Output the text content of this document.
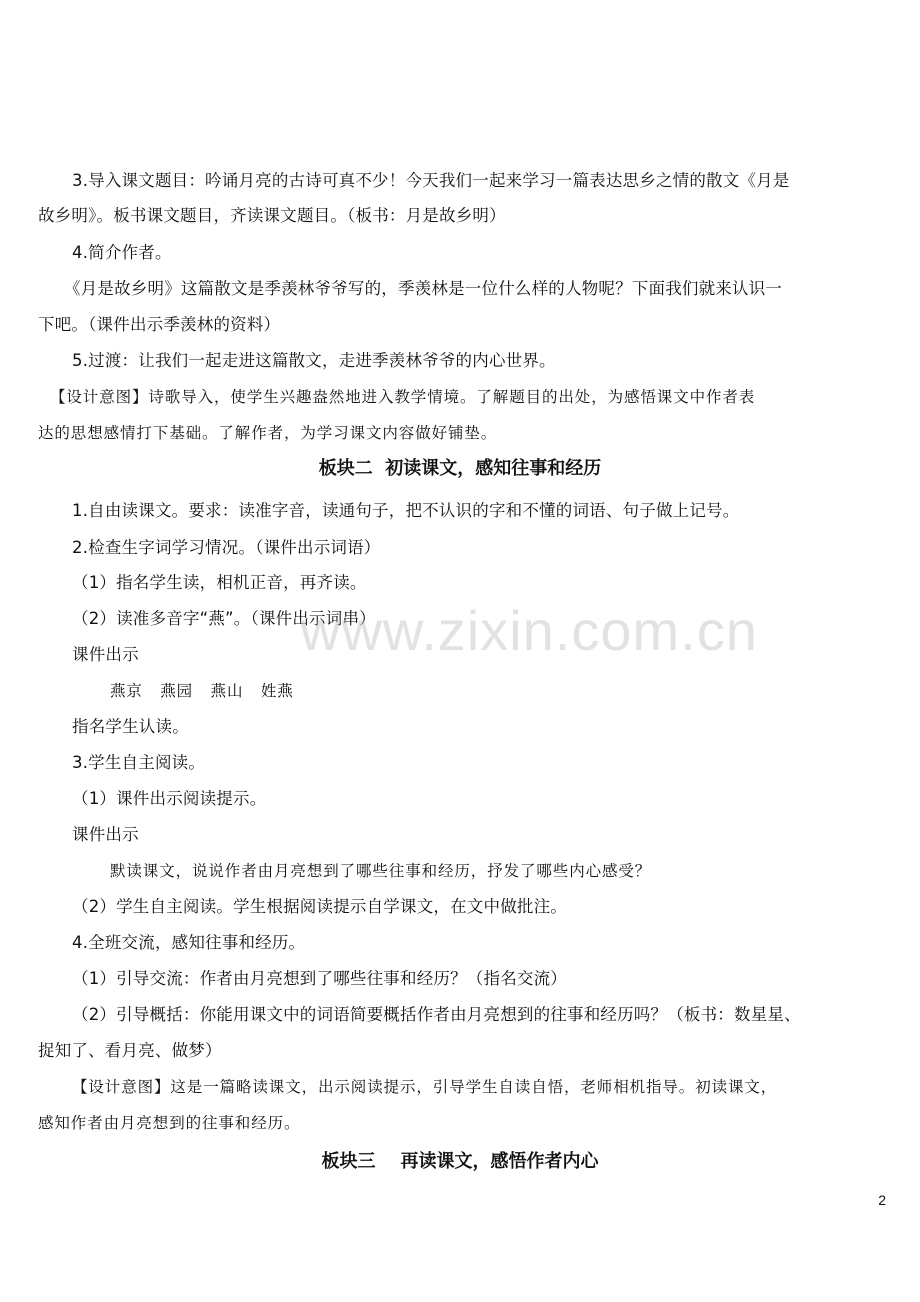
3.导入课文题目：吟诵月亮的古诗可真不少！今天我们一起来学习一篇表达思乡之情的散文《月是
故乡明》。板书课文题目，齐读课文题目。（板书：月是故乡明）
4.简介作者。
《月是故乡明》这篇散文是季羡林爷爷写的，季羡林是一位什么样的人物呢？下面我们就来认识一
下吧。（课件出示季羡林的资料）
5.过渡：让我们一起走进这篇散文，走进季羡林爷爷的内心世界。
【设计意图】诗歌导入，使学生兴趣盎然地进入教学情境。了解题目的出处，为感悟课文中作者表
达的思想感情打下基础。了解作者，为学习课文内容做好铺垫。
板块二  初读课文，感知往事和经历
1.自由读课文。要求：读准字音，读通句子，把不认识的字和不懂的词语、句子做上记号。
2.检查生字词学习情况。（课件出示词语）
（1）指名学生读，相机正音，再齐读。
（2）读准多音字“燕”。（课件出示词串）
课件出示
燕京   燕园   燕山   姓燕
指名学生认读。
3.学生自主阅读。
（1）课件出示阅读提示。
课件出示
默读课文，说说作者由月亮想到了哪些往事和经历，抒发了哪些内心感受？
（2）学生自主阅读。学生根据阅读提示自学课文，在文中做批注。
4.全班交流，感知往事和经历。
（1）引导交流：作者由月亮想到了哪些往事和经历？（指名交流）
（2）引导概括：你能用课文中的词语简要概括作者由月亮想到的往事和经历吗？（板书：数星星、
捉知了、看月亮、做梦）
【设计意图】这是一篇略读课文，出示阅读提示，引导学生自读自悟，老师相机指导。初读课文，
感知作者由月亮想到的往事和经历。
板块三    再读课文，感悟作者内心
www.zixin.com.cn
2
